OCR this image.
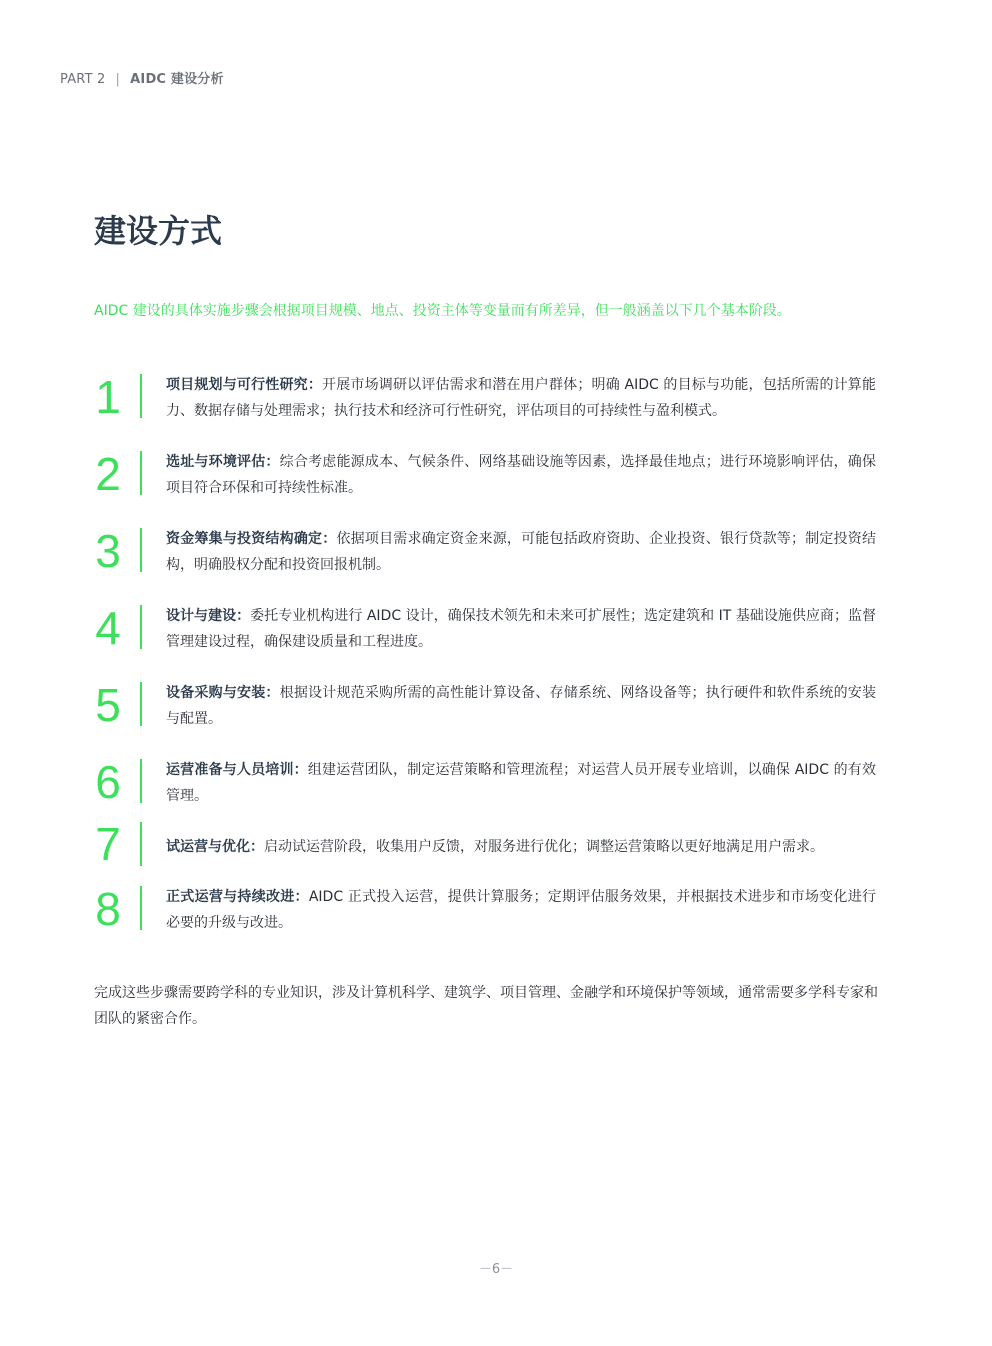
PART 2 | AIDC 建设分析
建设方式

AIDC 建设的具体实施步骤会根据项目规模、地点、投资主体等变量而有所差异，但一般涵盖以下几个基本阶段。

1	项目规划与可行性研究：开展市场调研以评估需求和潜在用户群体；明确 AIDC 的目标与功能，包括所需的计算能力、数据存储与处理需求；执行技术和经济可行性研究，评估项目的可持续性与盈利模式。

2	选址与环境评估：综合考虑能源成本、气候条件、网络基础设施等因素，选择最佳地点；进行环境影响评估，确保项目符合环保和可持续性标准。

3	资金筹集与投资结构确定：依据项目需求确定资金来源，可能包括政府资助、企业投资、银行贷款等；制定投资结构，明确股权分配和投资回报机制。

4	设计与建设：委托专业机构进行 AIDC 设计，确保技术领先和未来可扩展性；选定建筑和 IT 基础设施供应商；监督管理建设过程，确保建设质量和工程进度。

5	设备采购与安装：根据设计规范采购所需的高性能计算设备、存储系统、网络设备等；执行硬件和软件系统的安装与配置。

6	运营准备与人员培训：组建运营团队，制定运营策略和管理流程；对运营人员开展专业培训，以确保 AIDC 的有效管理。

7	试运营与优化：启动试运营阶段，收集用户反馈，对服务进行优化；调整运营策略以更好地满足用户需求。

8	正式运营与持续改进：AIDC 正式投入运营，提供计算服务；定期评估服务效果，并根据技术进步和市场变化进行必要的升级与改进。

完成这些步骤需要跨学科的专业知识，涉及计算机科学、建筑学、项目管理、金融学和环境保护等领域，通常需要多学科专家和团队的紧密合作。

－6－
